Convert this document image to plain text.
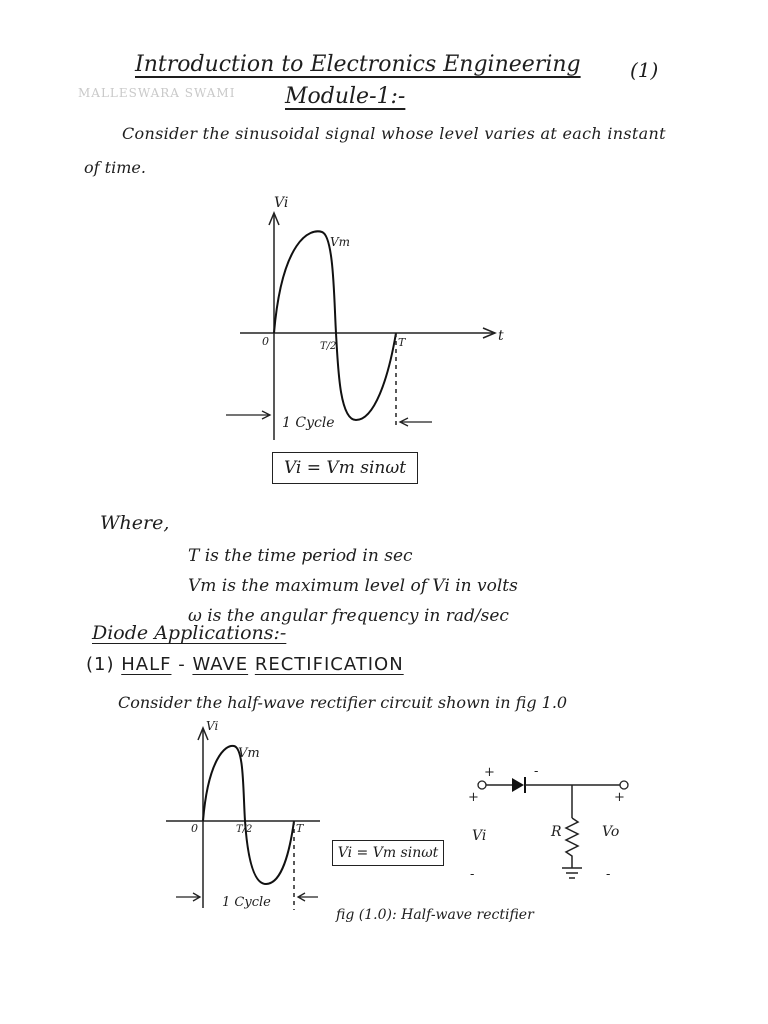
Introduction to Electronics Engineering (1)
MALLESWARA SWAMI Module-1:-
Consider the sinusoidal signal whose level varies at each instant
of time.
Vi
t
0
Vm
T/2	T
1 Cycle
Vi = Vm sinωt
Where,
T is the time period in sec
Vm is the maximum level of Vi in volts
ω is the angular frequency in rad/sec
Diode Applications:-
(1) HALF - WAVE RECTIFICATION
Consider the half-wave rectifier circuit shown in fig 1.0
Vi
0
Vm
T/2	T
1 Cycle
+
+
-
+
Vi	R	Vo
-	-
Vi = Vm sinωt
fig (1.0): Half-wave rectifier
